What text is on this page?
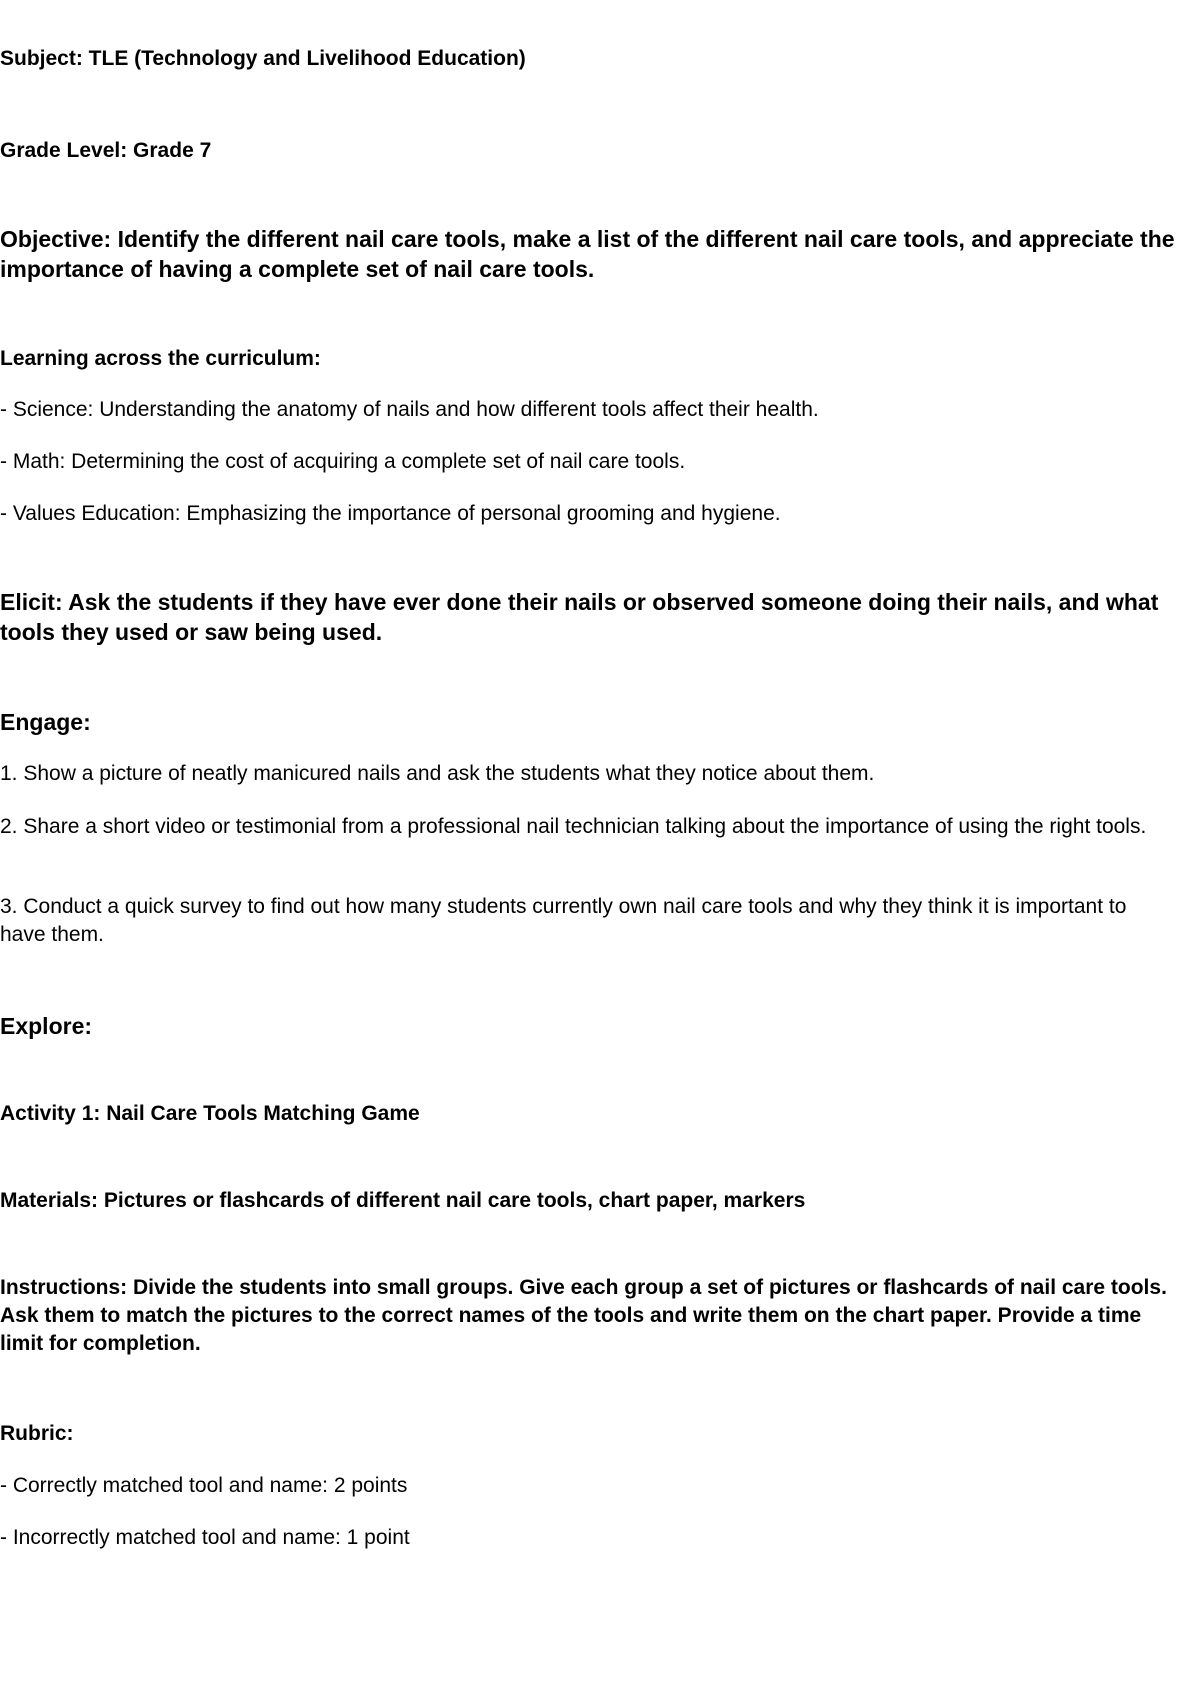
Subject: TLE (Technology and Livelihood Education)

Grade Level: Grade 7

Objective: Identify the different nail care tools, make a list of the different nail care tools, and appreciate the importance of having a complete set of nail care tools.

Learning across the curriculum:

- Science: Understanding the anatomy of nails and how different tools affect their health.

- Math: Determining the cost of acquiring a complete set of nail care tools.

- Values Education: Emphasizing the importance of personal grooming and hygiene.

Elicit: Ask the students if they have ever done their nails or observed someone doing their nails, and what tools they used or saw being used.

Engage:

1. Show a picture of neatly manicured nails and ask the students what they notice about them.

2. Share a short video or testimonial from a professional nail technician talking about the importance of using the right tools.

3. Conduct a quick survey to find out how many students currently own nail care tools and why they think it is important to have them.

Explore:

Activity 1: Nail Care Tools Matching Game

Materials: Pictures or flashcards of different nail care tools, chart paper, markers

Instructions: Divide the students into small groups. Give each group a set of pictures or flashcards of nail care tools. Ask them to match the pictures to the correct names of the tools and write them on the chart paper. Provide a time limit for completion.

Rubric:

- Correctly matched tool and name: 2 points

- Incorrectly matched tool and name: 1 point
